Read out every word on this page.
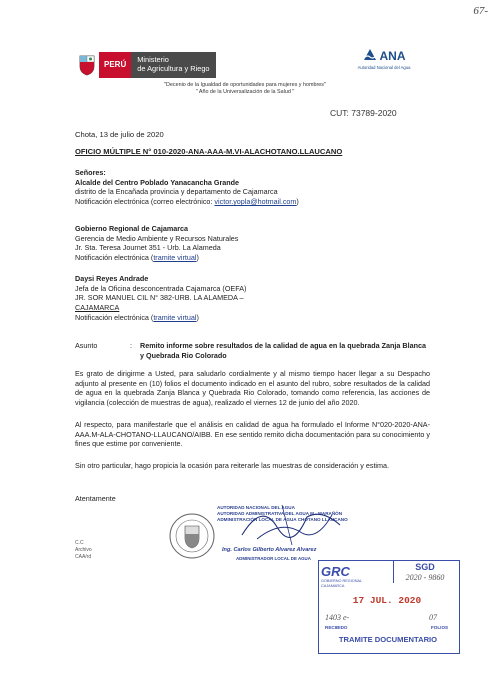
67-
PERÚ	Ministerio
de Agricultura y Riego
ANA
Autoridad Nacional del Agua
"Decenio de la Igualdad de oportunidades para mujeres y hombres"
" Año de la Universalización de la Salud "
CUT: 73789-2020
Chota, 13 de julio de 2020
OFICIO MÚLTIPLE N° 010-2020-ANA-AAA-M.VI-ALACHOTANO.LLAUCANO
Señores:
Alcalde del Centro Poblado Yanacancha Grande
distrito de la Encañada provincia y departamento de Cajamarca
Notificación electrónica (correo electrónico: victor.yopla@hotmail.com)
Gobierno Regional de Cajamarca
Gerencia de Medio Ambiente y Recursos Naturales
Jr. Sta. Teresa Journet 351 - Urb. La Alameda
Notificación electrónica (tramite virtual)
Daysi Reyes Andrade
Jefa de la Oficina desconcentrada Cajamarca (OEFA)
JR. SOR MANUEL CIL N° 382-URB. LA ALAMEDA –
CAJAMARCA
Notificación electrónica (tramite virtual)
Asunto	: Remito informe sobre resultados de la calidad de agua en la quebrada Zanja Blanca y Quebrada Rio Colorado
Es grato de dirigirme a Usted, para saludarlo cordialmente y al mismo tiempo hacer llegar a su Despacho adjunto al presente en (10) folios el documento indicado en el asunto del rubro, sobre resultados de la calidad de agua en la quebrada Zanja Blanca y Quebrada Rio Colorado, tomando como referencia, las acciones de vigilancia (colección de muestras de agua), realizado el viernes 12 de junio del año 2020.
Al respecto, para manifestarle que el análisis en calidad de agua ha formulado el Informe N°020-2020-ANA-AAA.M-ALA-CHOTANO-LLAUCANO/AIBB. En ese sentido remito dicha documentación para su conocimiento y fines que estime por conveniente.
Sin otro particular, hago propicia la ocasión para reiterarle las muestras de consideración y estima.
Atentamente
C.C
Archivo
CAA/rd
AUTORIDAD NACIONAL DEL AGUA
AUTORIDAD ADMINISTRATIVA DEL AGUA M - MARAÑÓN
ADMINISTRACIÓN LOCAL DE AGUA CHOTANO LLAUCANO
Ing. Carlos Gilberto Alvarez Alvarez
ADMINISTRADOR LOCAL DE AGUA
GRC
GOBIERNO REGIONAL
CAJAMARCA
SGD
2020 - 9860
17 JUL. 2020
1403 e-	07
RECIBIDO	FOLIOS
TRAMITE DOCUMENTARIO
